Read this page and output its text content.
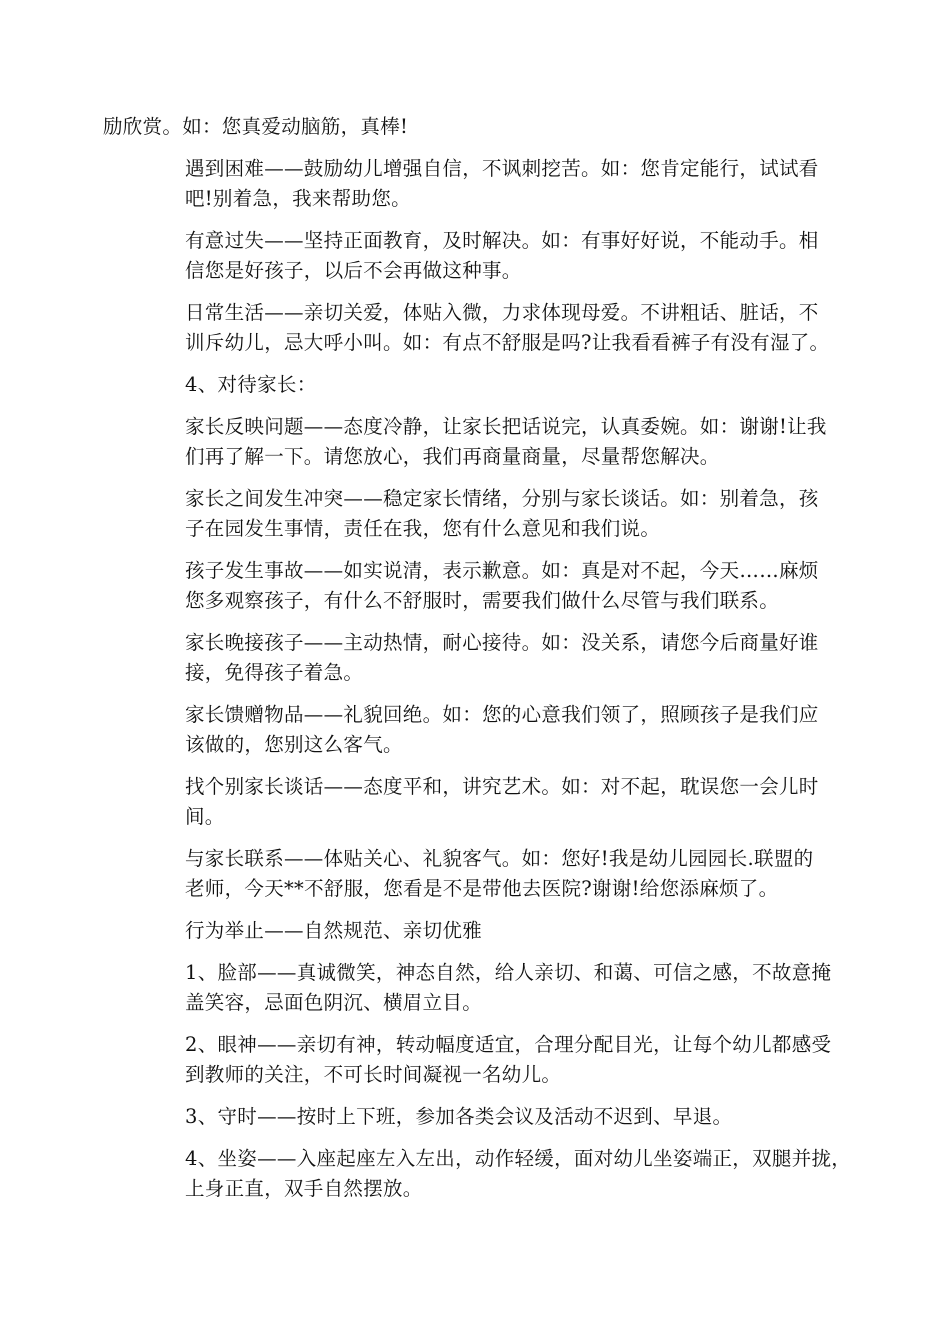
励欣赏。如：您真爱动脑筋，真棒!

遇到困难——鼓励幼儿增强自信，不讽刺挖苦。如：您肯定能行，试试看
吧!别着急，我来帮助您。

有意过失——坚持正面教育，及时解决。如：有事好好说，不能动手。相
信您是好孩子，以后不会再做这种事。

日常生活——亲切关爱，体贴入微，力求体现母爱。不讲粗话、脏话，不
训斥幼儿，忌大呼小叫。如：有点不舒服是吗?让我看看裤子有没有湿了。

4、对待家长：

家长反映问题——态度冷静，让家长把话说完，认真委婉。如：谢谢!让我
们再了解一下。请您放心，我们再商量商量，尽量帮您解决。

家长之间发生冲突——稳定家长情绪，分别与家长谈话。如：别着急，孩
子在园发生事情，责任在我，您有什么意见和我们说。

孩子发生事故——如实说清，表示歉意。如：真是对不起，今天……麻烦
您多观察孩子，有什么不舒服时，需要我们做什么尽管与我们联系。

家长晚接孩子——主动热情，耐心接待。如：没关系，请您今后商量好谁
接，免得孩子着急。

家长馈赠物品——礼貌回绝。如：您的心意我们领了，照顾孩子是我们应
该做的，您别这么客气。

找个别家长谈话——态度平和，讲究艺术。如：对不起，耽误您一会儿时
间。

与家长联系——体贴关心、礼貌客气。如：您好!我是幼儿园园长.联盟的
老师，今天**不舒服，您看是不是带他去医院?谢谢!给您添麻烦了。

行为举止——自然规范、亲切优雅

1、脸部——真诚微笑，神态自然，给人亲切、和蔼、可信之感，不故意掩
盖笑容，忌面色阴沉、横眉立目。

2、眼神——亲切有神，转动幅度适宜，合理分配目光，让每个幼儿都感受
到教师的关注，不可长时间凝视一名幼儿。

3、守时——按时上下班，参加各类会议及活动不迟到、早退。

4、坐姿——入座起座左入左出，动作轻缓，面对幼儿坐姿端正，双腿并拢，
上身正直，双手自然摆放。
